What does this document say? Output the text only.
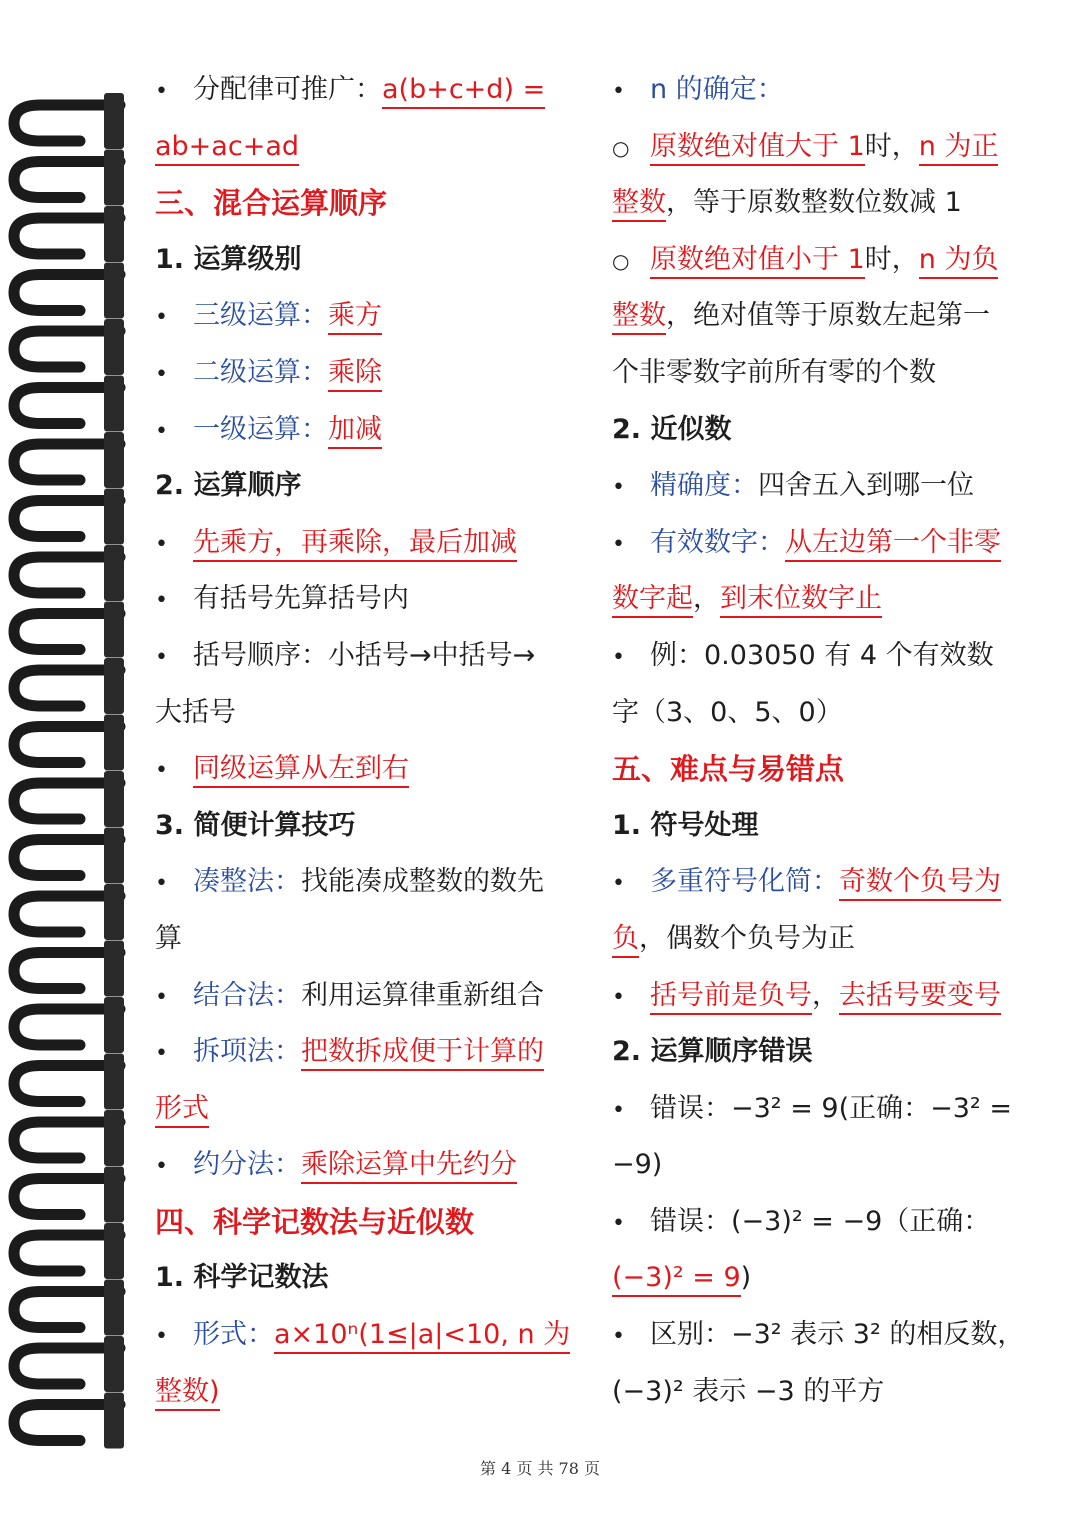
• 分配律可推广：a(b+c+d) =
ab+ac+ad
三、混合运算顺序
1. 运算级别
• 三级运算：乘方
• 二级运算：乘除
• 一级运算：加减
2. 运算顺序
• 先乘方，再乘除，最后加减
• 有括号先算括号内
• 括号顺序：小括号→中括号→
大括号
• 同级运算从左到右
3. 简便计算技巧
• 凑整法：找能凑成整数的数先
算
• 结合法：利用运算律重新组合
• 拆项法：把数拆成便于计算的
形式
• 约分法：乘除运算中先约分
四、科学记数法与近似数
1. 科学记数法
• 形式：a×10ⁿ(1≤|a|<10, n 为
整数)
• n 的确定：
○ 原数绝对值大于 1时，n 为正
整数，等于原数整数位数减 1
○ 原数绝对值小于 1时，n 为负
整数，绝对值等于原数左起第一
个非零数字前所有零的个数
2. 近似数
• 精确度：四舍五入到哪一位
• 有效数字：从左边第一个非零
数字起，到末位数字止
• 例：0.03050 有 4 个有效数
字（3、0、5、0）
五、难点与易错点
1. 符号处理
• 多重符号化简：奇数个负号为
负，偶数个负号为正
• 括号前是负号，去括号要变号
2. 运算顺序错误
• 错误：−3² = 9(正确：−3² =
−9)
• 错误：(−3)² = −9（正确：
(−3)² = 9)
• 区别：−3² 表示 3² 的相反数，
(−3)² 表示 −3 的平方
第 4 页 共 78 页
